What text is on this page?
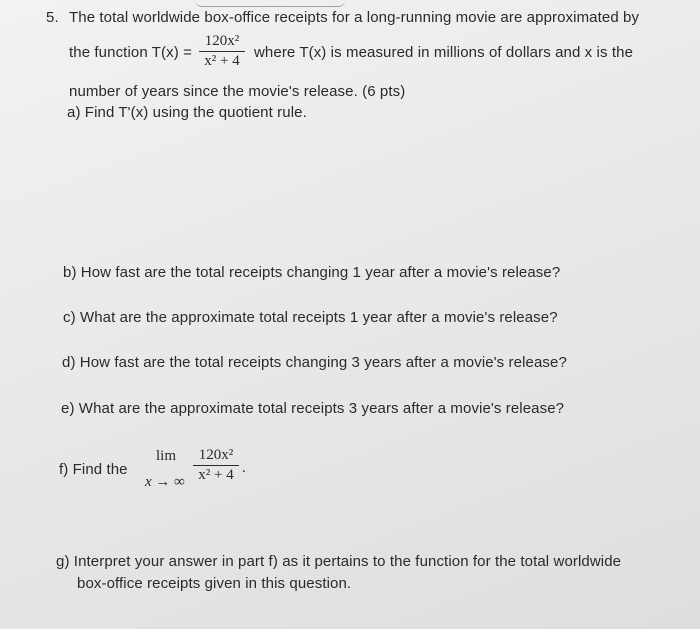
5. The total worldwide box-office receipts for a long-running movie are approximated by
the function T(x) =
120x²
x² + 4 where T(x) is measured in millions of dollars and x is the
number of years since the movie's release. (6 pts)
a) Find T'(x) using the quotient rule.
b) How fast are the total receipts changing 1 year after a movie's release?
c) What are the approximate total receipts 1 year after a movie's release?
d) How fast are the total receipts changing 3 years after a movie's release?
e) What are the approximate total receipts 3 years after a movie's release?
f) Find the
lim
x → ∞
120x²
x² + 4 .
g) Interpret your answer in part f) as it pertains to the function for the total worldwide
box-office receipts given in this question.
